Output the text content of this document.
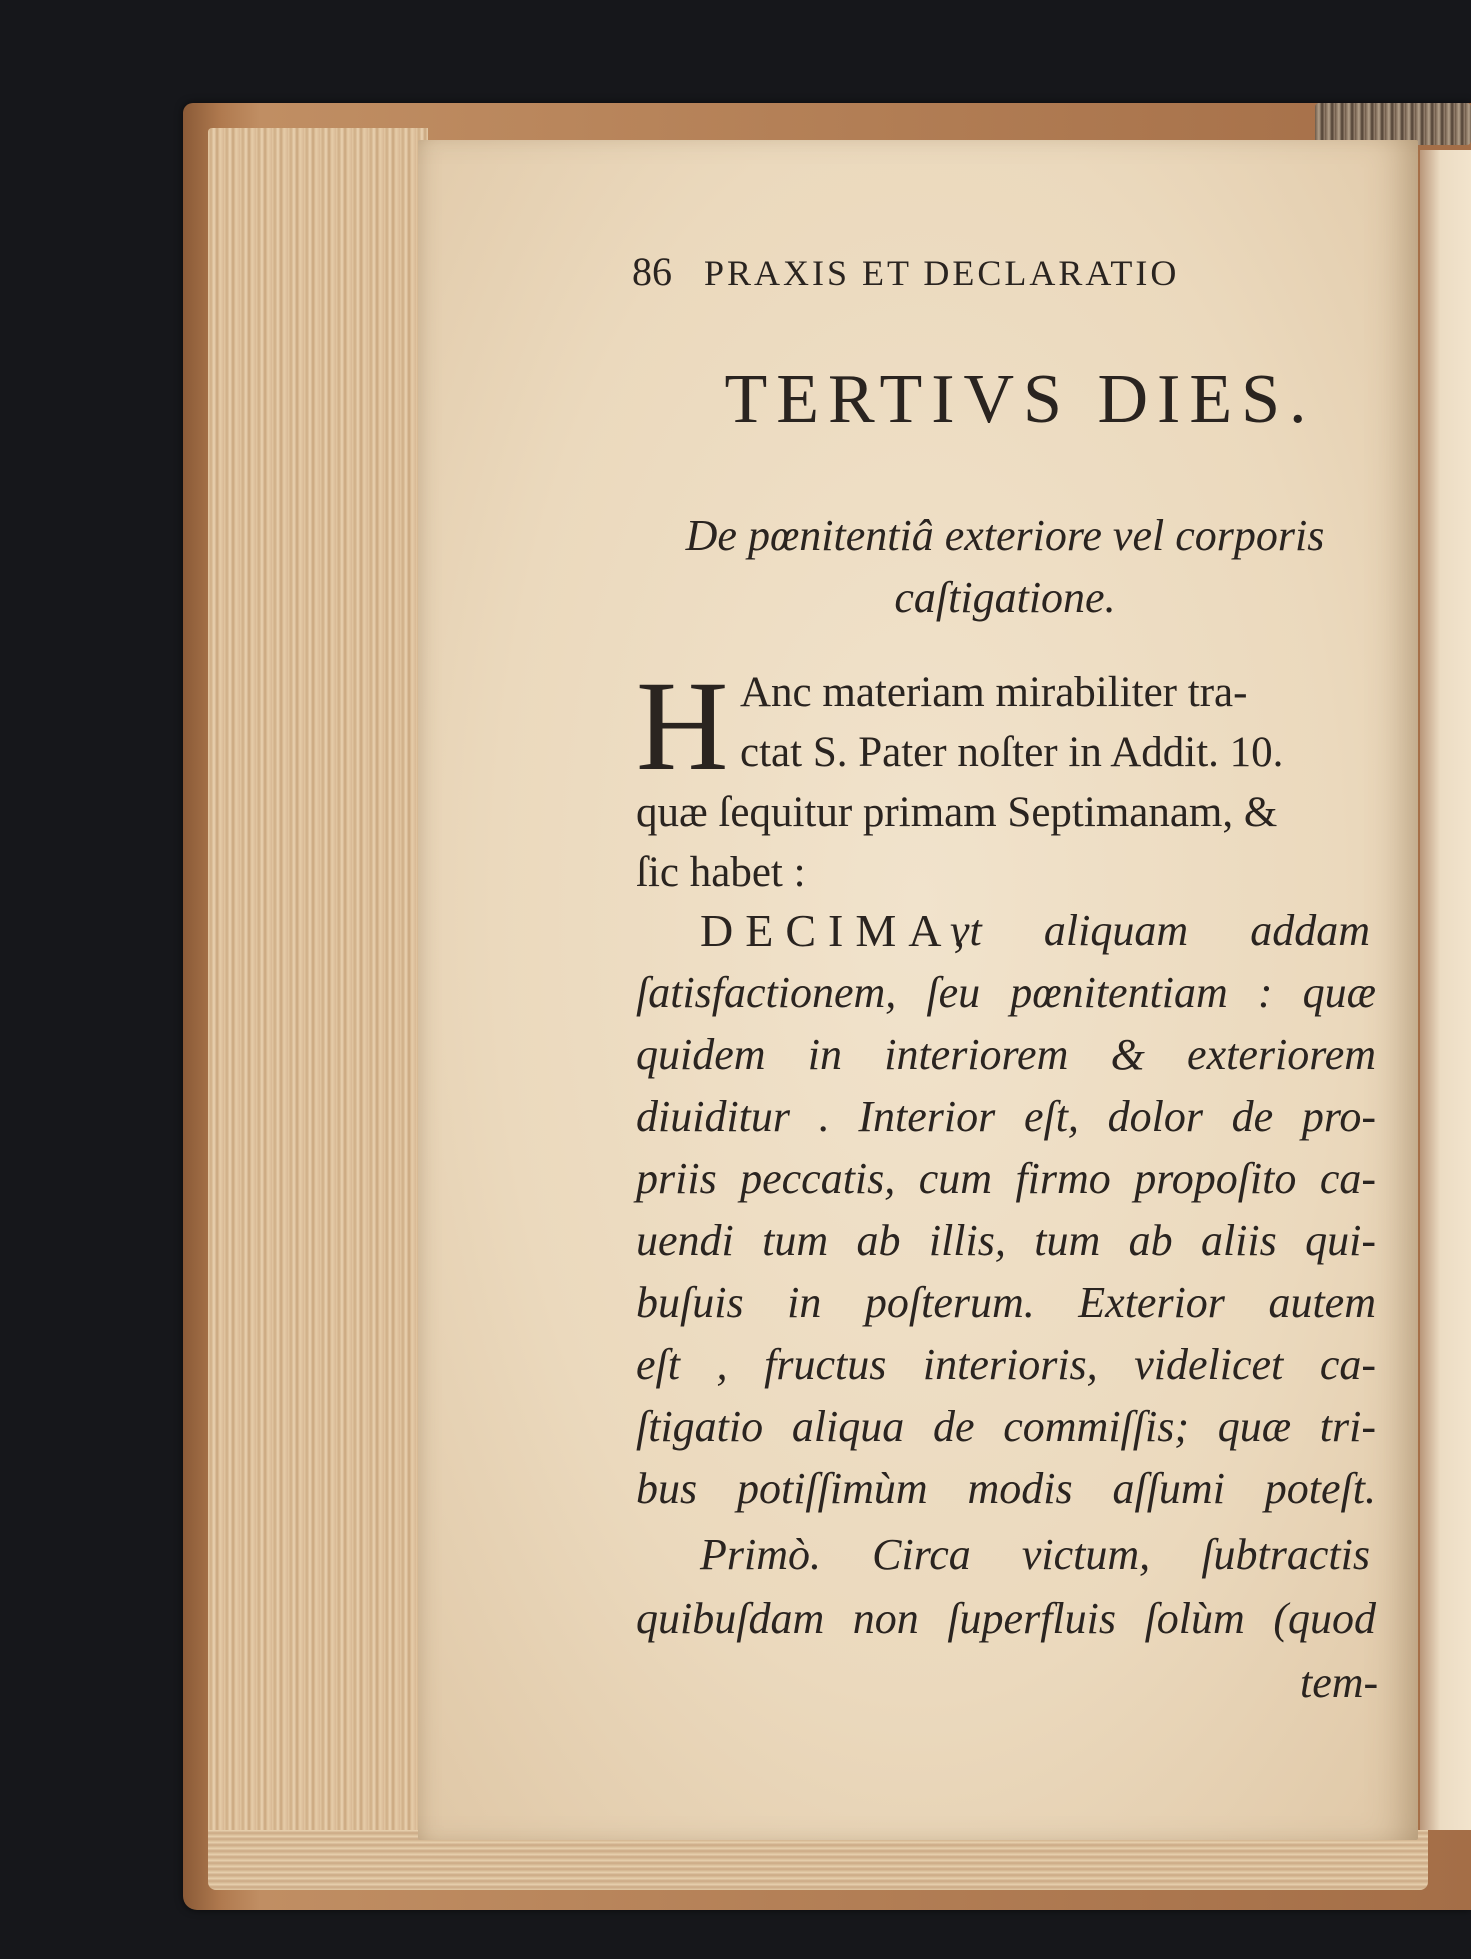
86 PRAXIS ET DECLARATIO
TERTIVS DIES.
De pœnitentiâ exteriore vel corporis
caſtigatione.
H Anc materiam mirabiliter tra-
ctat S. Pater noſter in Addit. 10.
quæ ſequitur primam Septimanam, &
ſic habet :
DECIMA,
vt aliquam addam
ſatisfactionem, ſeu pœnitentiam : quæ
quidem in interiorem & exteriorem
diuiditur . Interior eſt, dolor de pro-
priis peccatis, cum firmo propoſito ca-
uendi tum ab illis, tum ab aliis qui-
buſuis in poſterum. Exterior autem
eſt , fructus interioris, videlicet ca-
ſtigatio aliqua de commiſſis; quæ tri-
bus potiſſimùm modis aſſumi poteſt.
Primò. Circa victum, ſubtractis
quibuſdam non ſuperfluis ſolùm (quod
tem-
